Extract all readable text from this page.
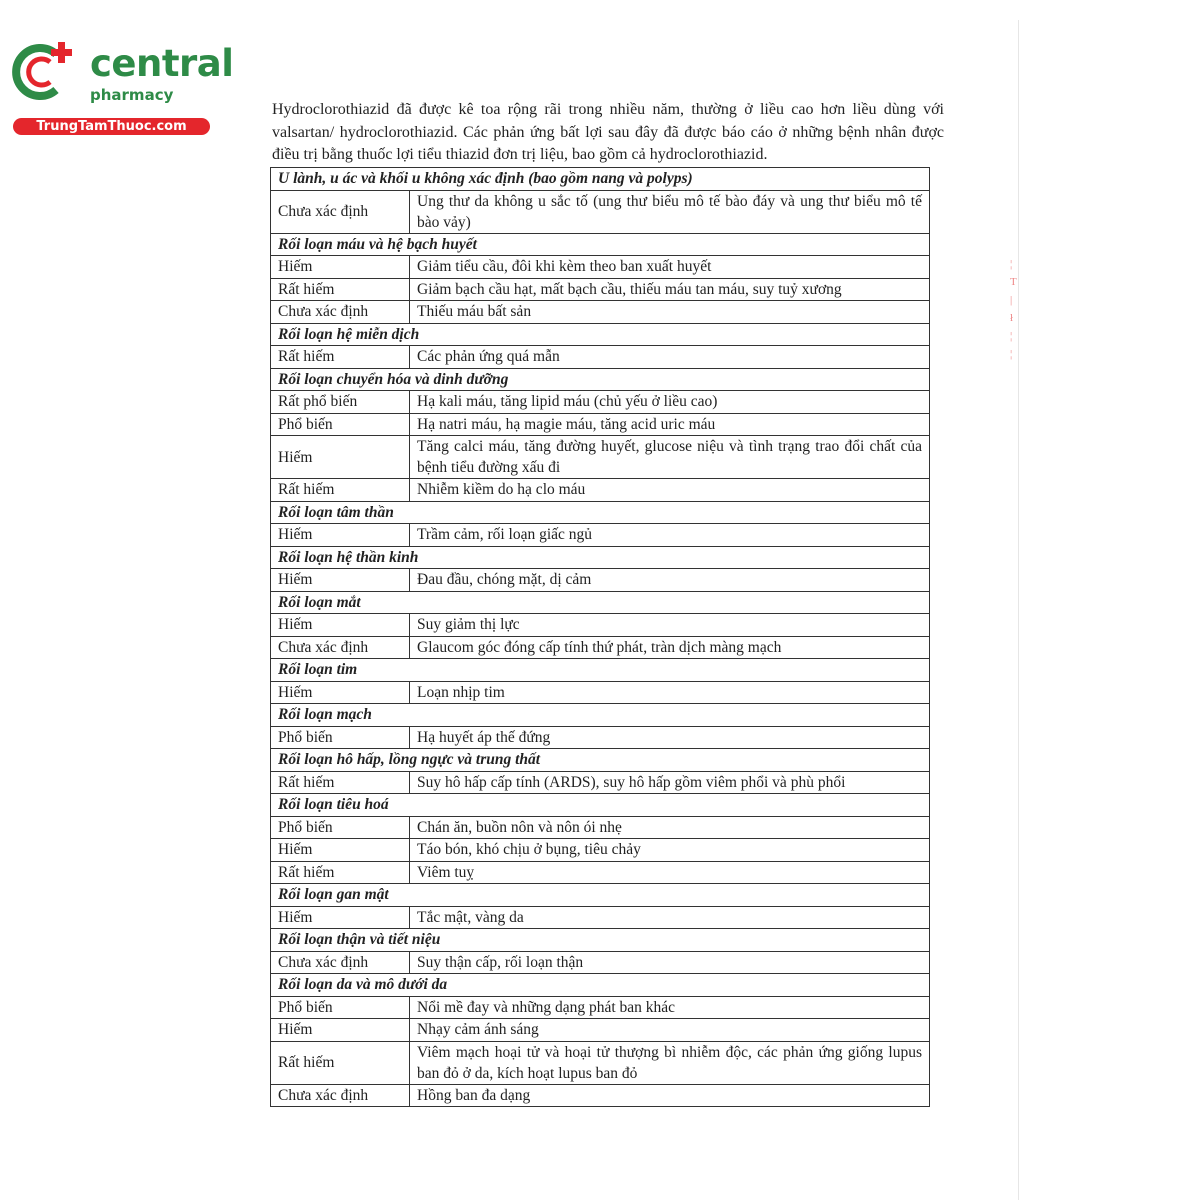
central
pharmacy
TrungTamThuoc.com

Hydroclorothiazid đã được kê toa rộng rãi trong nhiều năm, thường ở liều cao hơn liều dùng với valsartan/ hydroclorothiazid. Các phản ứng bất lợi sau đây đã được báo cáo ở những bệnh nhân được điều trị bằng thuốc lợi tiểu thiazid đơn trị liệu, bao gồm cả hydroclorothiazid.

U lành, u ác và khối u không xác định (bao gồm nang và polyps)	
Chưa xác định	Ung thư da không u sắc tố (ung thư biểu mô tế bào đáy và ung thư biểu mô tế bào vảy)
Rối loạn máu và hệ bạch huyết	
Hiếm	Giảm tiểu cầu, đôi khi kèm theo ban xuất huyết
Rất hiếm	Giảm bạch cầu hạt, mất bạch cầu, thiếu máu tan máu, suy tuỷ xương
Chưa xác định	Thiếu máu bất sản
Rối loạn hệ miễn dịch	
Rất hiếm	Các phản ứng quá mẫn
Rối loạn chuyển hóa và dinh dưỡng	
Rất phổ biến	Hạ kali máu, tăng lipid máu (chủ yếu ở liều cao)
Phổ biến	Hạ natri máu, hạ magie máu, tăng acid uric máu
Hiếm	Tăng calci máu, tăng đường huyết, glucose niệu và tình trạng trao đổi chất của bệnh tiểu đường xấu đi
Rất hiếm	Nhiễm kiềm do hạ clo máu
Rối loạn tâm thần	
Hiếm	Trầm cảm, rối loạn giấc ngủ
Rối loạn hệ thần kinh	
Hiếm	Đau đầu, chóng mặt, dị cảm
Rối loạn mắt	
Hiếm	Suy giảm thị lực
Chưa xác định	Glaucom góc đóng cấp tính thứ phát, tràn dịch màng mạch
Rối loạn tim	
Hiếm	Loạn nhịp tim
Rối loạn mạch	
Phổ biến	Hạ huyết áp thế đứng
Rối loạn hô hấp, lồng ngực và trung thất	
Rất hiếm	Suy hô hấp cấp tính (ARDS), suy hô hấp gồm viêm phổi và phù phổi
Rối loạn tiêu hoá	
Phổ biến	Chán ăn, buồn nôn và nôn ói nhẹ
Hiếm	Táo bón, khó chịu ở bụng, tiêu chảy
Rất hiếm	Viêm tuỵ
Rối loạn gan mật	
Hiếm	Tắc mật, vàng da
Rối loạn thận và tiết niệu	
Chưa xác định	Suy thận cấp, rối loạn thận
Rối loạn da và mô dưới da	
Phổ biến	Nổi mề đay và những dạng phát ban khác
Hiếm	Nhạy cảm ánh sáng
Rất hiếm	Viêm mạch hoại tử và hoại tử thượng bì nhiễm độc, các phản ứng giống lupus ban đỏ ở da, kích hoạt lupus ban đỏ
Chưa xác định	Hồng ban đa dạng
¦
T
|
ł
¦
¦
